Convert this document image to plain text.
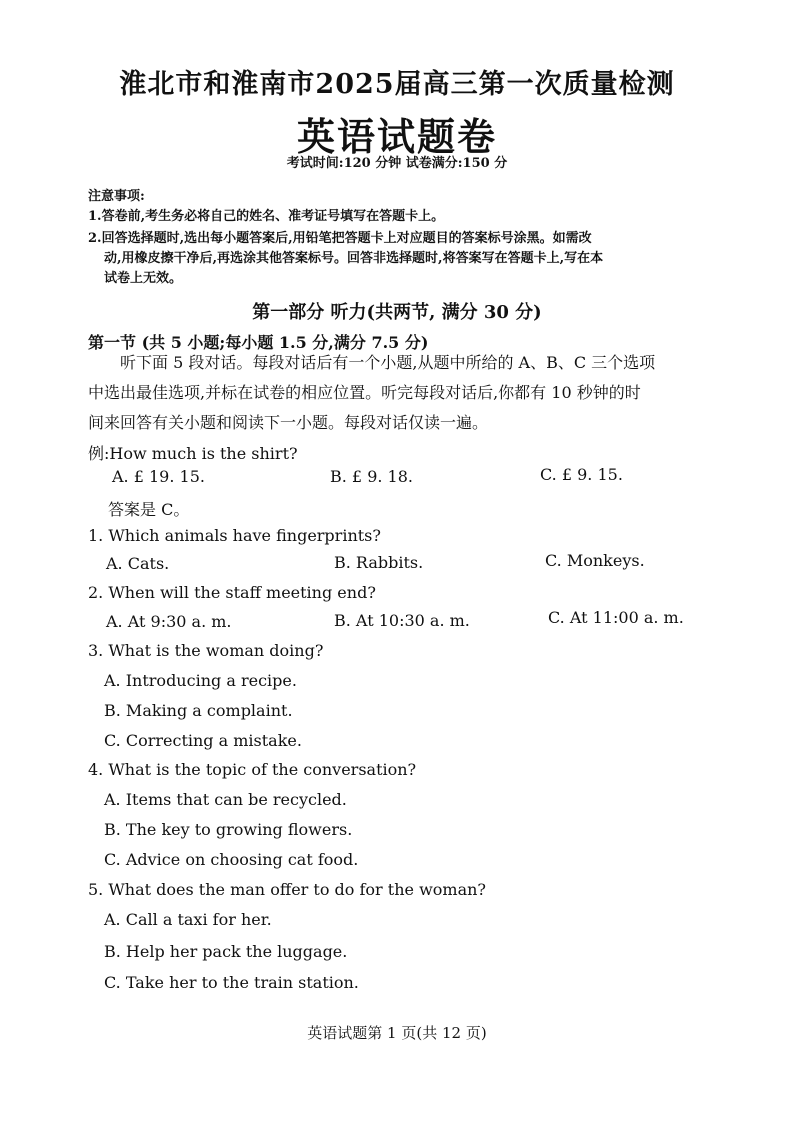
淮北市和淮南市2025届高三第一次质量检测
英语试题卷
考试时间:120 分钟 试卷满分:150 分
注意事项:
1.答卷前,考生务必将自己的姓名、准考证号填写在答题卡上。
2.回答选择题时,选出每小题答案后,用铅笔把答题卡上对应题目的答案标号涂黑。如需改
动,用橡皮擦干净后,再选涂其他答案标号。回答非选择题时,将答案写在答题卡上,写在本
试卷上无效。
第一部分 听力(共两节, 满分 30 分)
第一节 (共 5 小题;每小题 1.5 分,满分 7.5 分)
听下面 5 段对话。每段对话后有一个小题,从题中所给的 A、B、C 三个选项
中选出最佳选项,并标在试卷的相应位置。听完每段对话后,你都有 10 秒钟的时
间来回答有关小题和阅读下一小题。每段对话仅读一遍。
例:How much is the shirt?
A. £ 19. 15.	B. £ 9. 18.	C. £ 9. 15.
答案是 C。
1. Which animals have fingerprints?
A. Cats.	B. Rabbits.	C. Monkeys.
2. When will the staff meeting end?
A. At 9:30 a. m.	B. At 10:30 a. m.	C. At 11:00 a. m.
3. What is the woman doing?
A. Introducing a recipe.
B. Making a complaint.
C. Correcting a mistake.
4. What is the topic of the conversation?
A. Items that can be recycled.
B. The key to growing flowers.
C. Advice on choosing cat food.
5. What does the man offer to do for the woman?
A. Call a taxi for her.
B. Help her pack the luggage.
C. Take her to the train station.
英语试题第 1 页(共 12 页)
